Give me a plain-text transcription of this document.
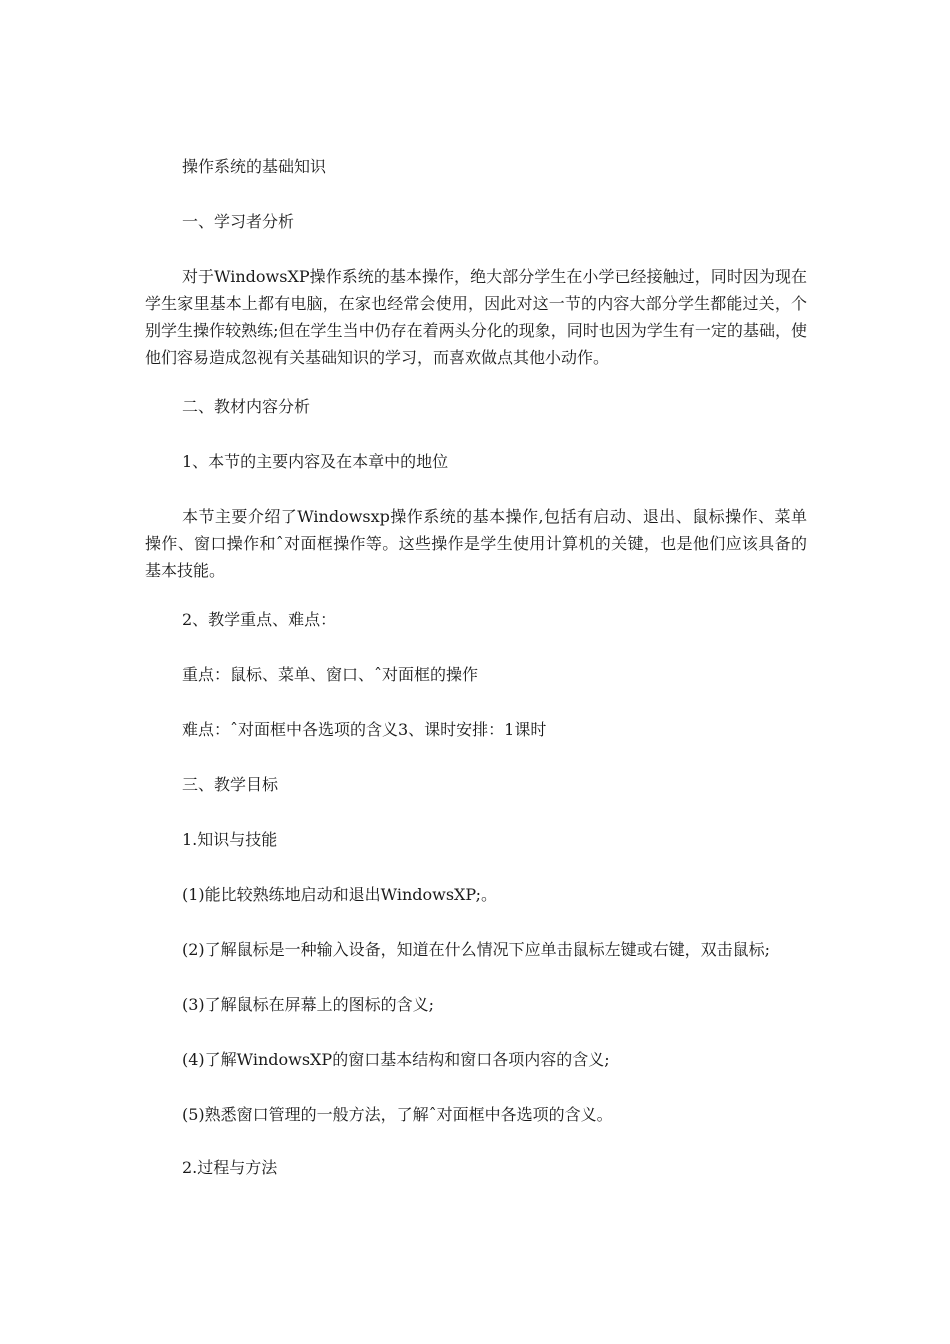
操作系统的基础知识

一、学习者分析

对于WindowsXP操作系统的基本操作，绝大部分学生在小学已经接触过，同时因为现在学生家里基本上都有电脑，在家也经常会使用，因此对这一节的内容大部分学生都能过关，个别学生操作较熟练;但在学生当中仍存在着两头分化的现象，同时也因为学生有一定的基础，使他们容易造成忽视有关基础知识的学习，而喜欢做点其他小动作。

二、教材内容分析

1、本节的主要内容及在本章中的地位

本节主要介绍了Windowsxp操作系统的基本操作,包括有启动、退出、鼠标操作、菜单操作、窗口操作和ˆ对面框操作等。这些操作是学生使用计算机的关键，也是他们应该具备的基本技能。

2、教学重点、难点：

重点：鼠标、菜单、窗口、ˆ对面框的操作

难点：ˆ对面框中各选项的含义3、课时安排：1课时

三、教学目标

1.知识与技能

(1)能比较熟练地启动和退出WindowsXP;。

(2)了解鼠标是一种输入设备，知道在什么情况下应单击鼠标左键或右键，双击鼠标;

(3)了解鼠标在屏幕上的图标的含义;

(4)了解WindowsXP的窗口基本结构和窗口各项内容的含义;

(5)熟悉窗口管理的一般方法，了解ˆ对面框中各选项的含义。

2.过程与方法
